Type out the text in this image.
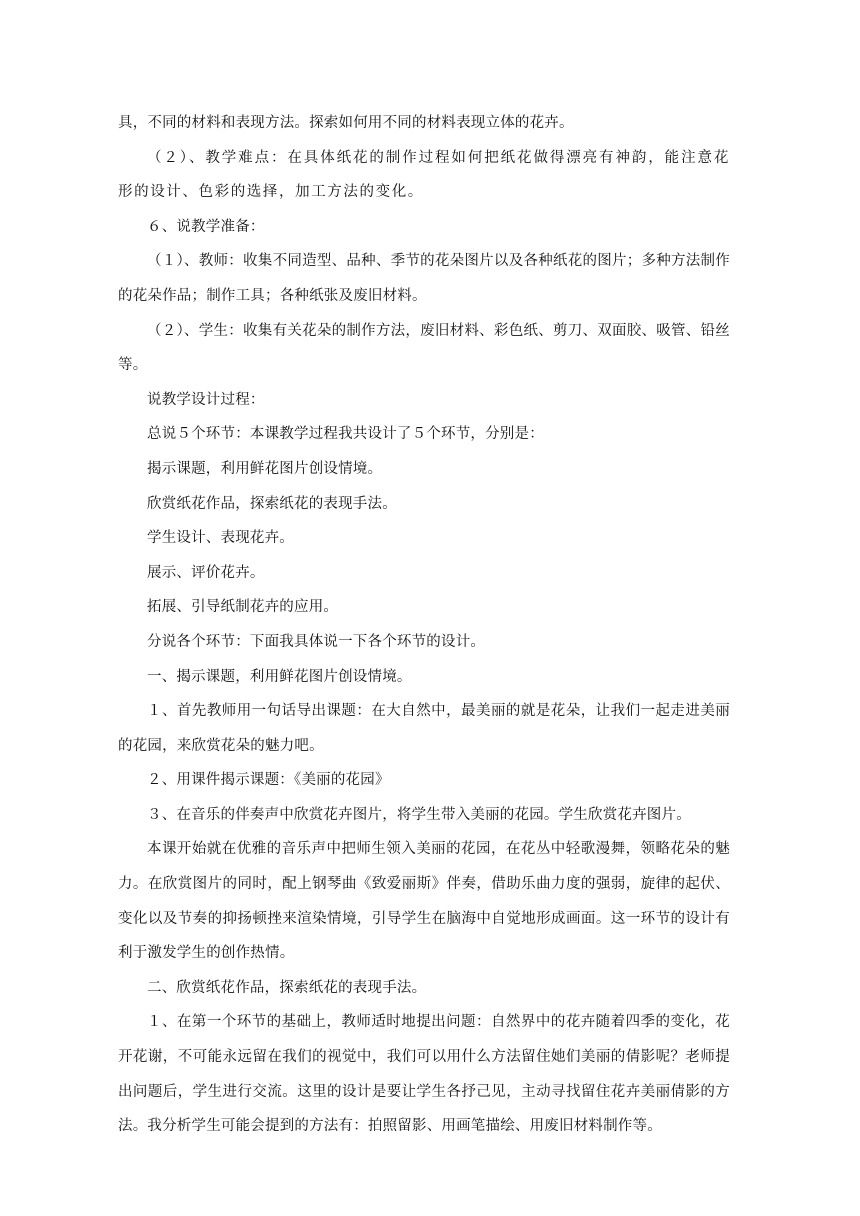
具，不同的材料和表现方法。探索如何用不同的材料表现立体的花卉。

（２）、教学难点：在具体纸花的制作过程如何把纸花做得漂亮有神韵，能注意花形的设计、色彩的选择，加工方法的变化。

６、说教学准备：

（１）、教师：收集不同造型、品种、季节的花朵图片以及各种纸花的图片；多种方法制作的花朵作品；制作工具；各种纸张及废旧材料。

（２）、学生：收集有关花朵的制作方法，废旧材料、彩色纸、剪刀、双面胶、吸管、铅丝等。

说教学设计过程：

总说５个环节：本课教学过程我共设计了５个环节，分别是：

揭示课题，利用鲜花图片创设情境。

欣赏纸花作品，探索纸花的表现手法。

学生设计、表现花卉。

展示、评价花卉。

拓展、引导纸制花卉的应用。

分说各个环节：下面我具体说一下各个环节的设计。

一、揭示课题，利用鲜花图片创设情境。

１、首先教师用一句话导出课题：在大自然中，最美丽的就是花朵，让我们一起走进美丽的花园，来欣赏花朵的魅力吧。

２、用课件揭示课题：《美丽的花园》

３、在音乐的伴奏声中欣赏花卉图片，将学生带入美丽的花园。学生欣赏花卉图片。

本课开始就在优雅的音乐声中把师生领入美丽的花园，在花丛中轻歌漫舞，领略花朵的魅力。在欣赏图片的同时，配上钢琴曲《致爱丽斯》伴奏，借助乐曲力度的强弱，旋律的起伏、变化以及节奏的抑扬顿挫来渲染情境，引导学生在脑海中自觉地形成画面。这一环节的设计有利于激发学生的创作热情。

二、欣赏纸花作品，探索纸花的表现手法。

１、在第一个环节的基础上，教师适时地提出问题：自然界中的花卉随着四季的变化，花开花谢，不可能永远留在我们的视觉中，我们可以用什么方法留住她们美丽的倩影呢？老师提出问题后，学生进行交流。这里的设计是要让学生各抒己见，主动寻找留住花卉美丽倩影的方法。我分析学生可能会提到的方法有：拍照留影、用画笔描绘、用废旧材料制作等。
